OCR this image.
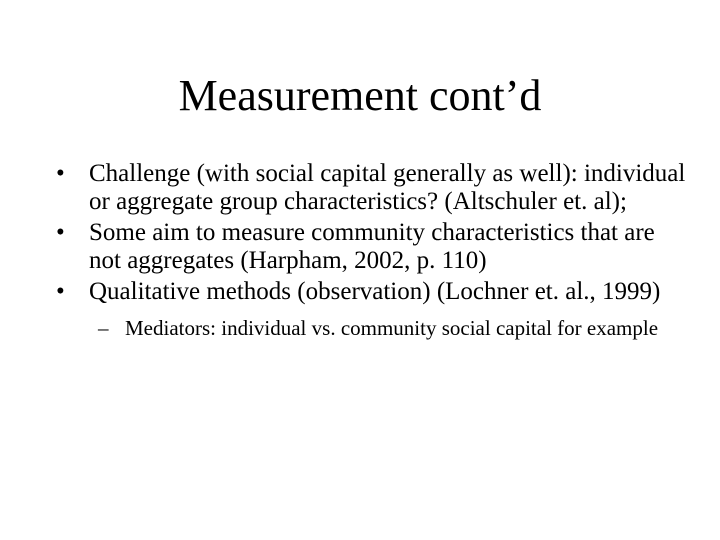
Measurement cont’d
• Challenge (with social capital generally as well): individual or aggregate group characteristics? (Altschuler et. al);
• Some aim to measure community characteristics that are not aggregates (Harpham, 2002, p. 110)
• Qualitative methods (observation) (Lochner et. al., 1999)
– Mediators: individual vs. community social capital for example
